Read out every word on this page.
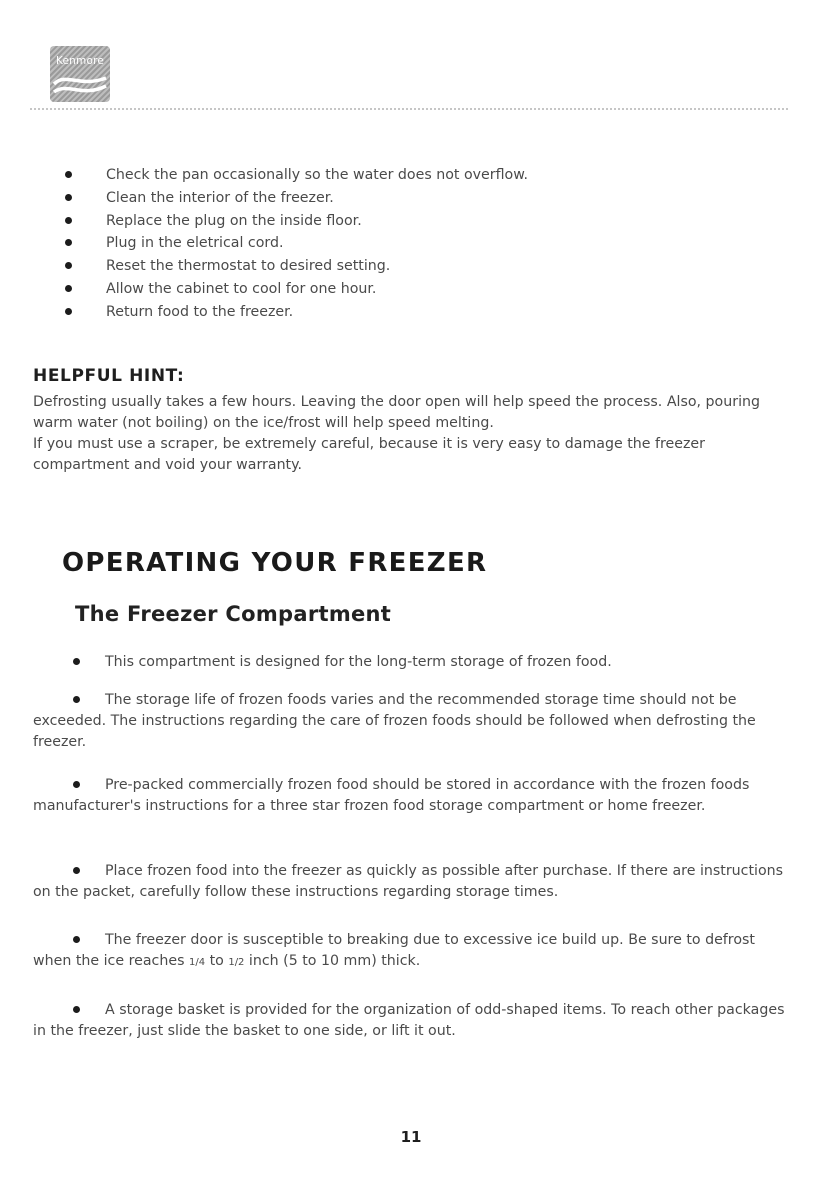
Kenmore
Check the pan occasionally so the water does not overflow.
Clean the interior of the freezer.
Replace the plug on the inside floor.
Plug in the eletrical cord.
Reset the thermostat to desired setting.
Allow the cabinet to cool for one hour.
Return food to the freezer.
HELPFUL HINT:

Defrosting usually takes a few hours. Leaving the door open will help speed the process. Also, pouring warm water (not boiling) on the ice/frost will help speed melting.

If you must use a scraper, be extremely careful, because it is very easy to damage the freezer compartment and void your warranty.

OPERATING YOUR FREEZER
The Freezer Compartment
This compartment is designed for the long-term storage of frozen food.
The storage life of frozen foods varies and the recommended storage time should not be exceeded. The instructions regarding the care of frozen foods should be followed when defrosting the freezer.
Pre-packed commercially frozen food should be stored in accordance with the frozen foods manufacturer's instructions for a three star frozen food storage compartment or home freezer.
Place frozen food into the freezer as quickly as possible after purchase. If there are instructions on the packet, carefully follow these instructions regarding storage times.
The freezer door is susceptible to breaking due to excessive ice build up. Be sure to defrost when the ice reaches 1/4 to 1/2 inch (5 to 10 mm) thick.
A storage basket is provided for the organization of odd-shaped items. To reach other packages in the freezer, just slide the basket to one side, or lift it out.
11
